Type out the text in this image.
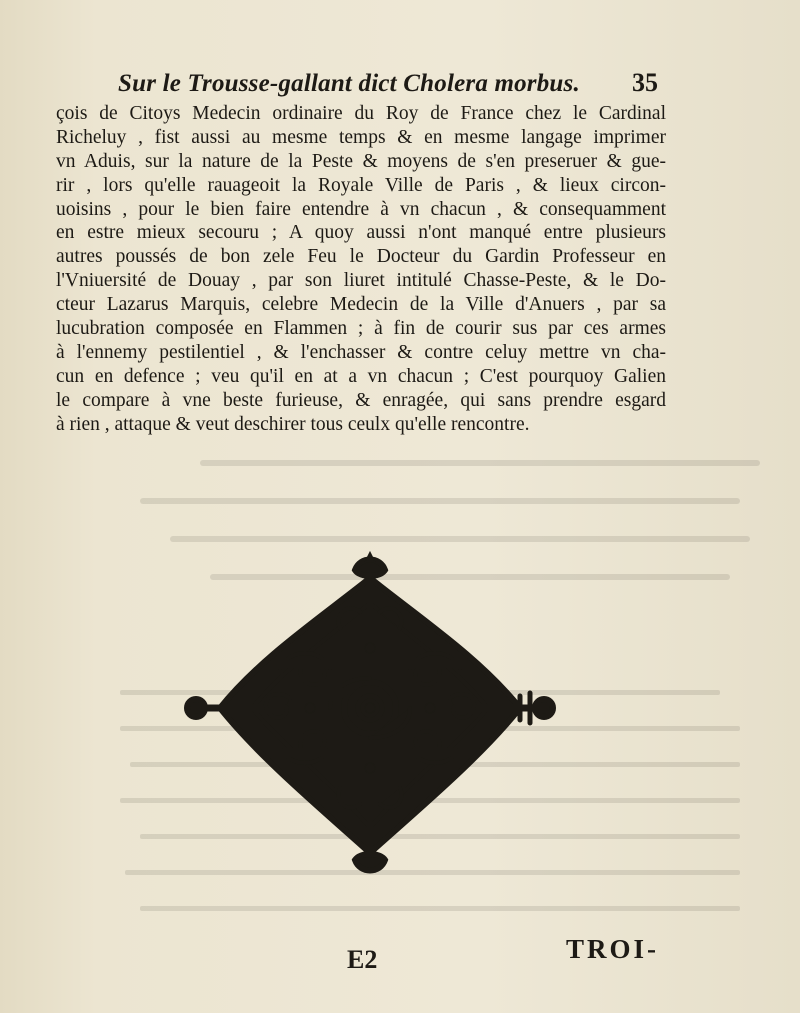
Sur le Trousse-gallant dict Cholera morbus. 35
çois de Citoys Medecin ordinaire du Roy de France chez le Cardinal
Richeluy , fist aussi au mesme temps & en mesme langage imprimer
vn Aduis, sur la nature de la Peste & moyens de s'en preseruer & gue-
rir , lors qu'elle rauageoit la Royale Ville de Paris , & lieux circon-
uoisins , pour le bien faire entendre à vn chacun , & consequamment
en estre mieux secouru ; A quoy aussi n'ont manqué entre plusieurs
autres poussés de bon zele Feu le Docteur du Gardin Professeur en
l'Vniuersité de Douay , par son liuret intitulé Chasse-Peste, & le Do-
cteur Lazarus Marquis, celebre Medecin de la Ville d'Anuers , par sa
lucubration composée en Flammen ; à fin de courir sus par ces armes
à l'ennemy pestilentiel , & l'enchasser & contre celuy mettre vn cha-
cun en defence ; veu qu'il en at a vn chacun ; C'est pourquoy Galien
le compare à vne beste furieuse, & enragée, qui sans prendre esgard
à rien , attaque & veut deschirer tous ceulx qu'elle rencontre.
E2	TROI-
